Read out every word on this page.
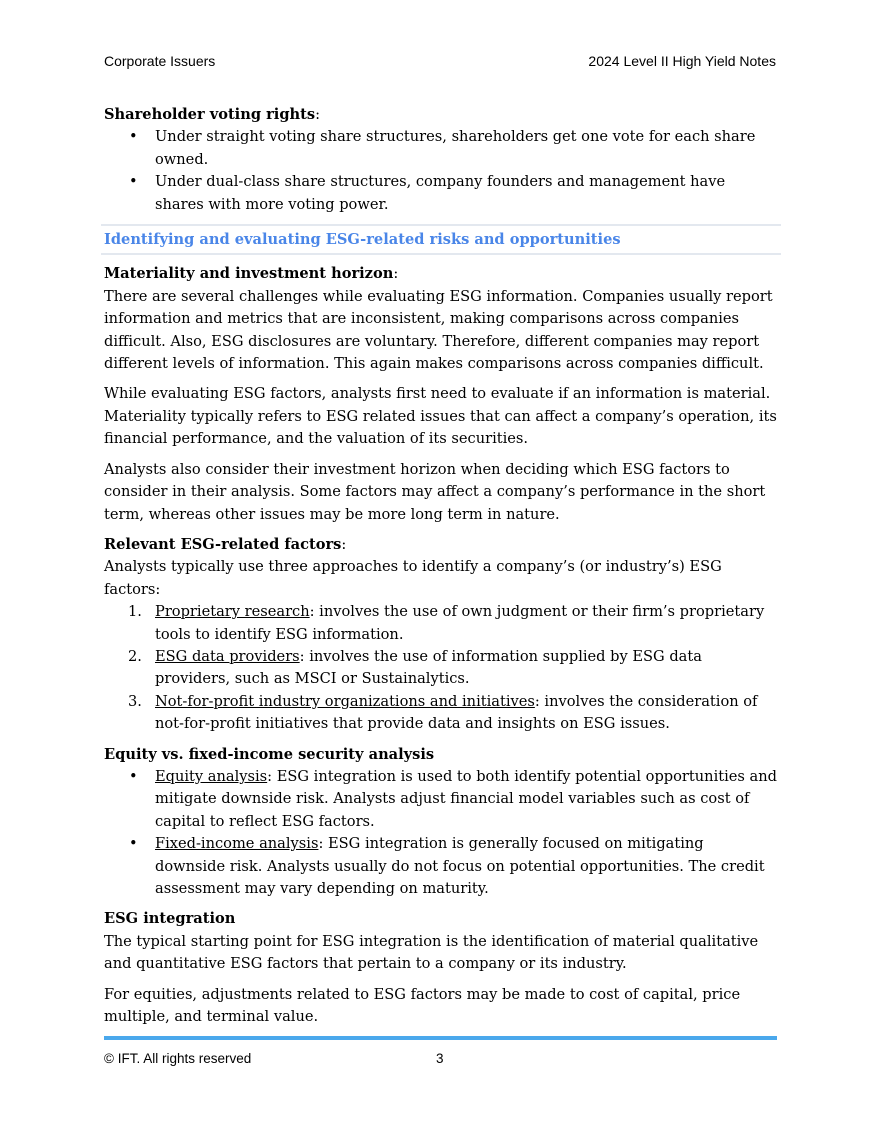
Corporate Issuers	2024 Level II High Yield Notes

Shareholder voting rights:

•	Under straight voting share structures, shareholders get one vote for each share owned.
•	Under dual-class share structures, company founders and management have shares with more voting power.
Identifying and evaluating ESG-related risks and opportunities

Materiality and investment horizon:

There are several challenges while evaluating ESG information. Companies usually report information and metrics that are inconsistent, making comparisons across companies difficult. Also, ESG disclosures are voluntary. Therefore, different companies may report different levels of information. This again makes comparisons across companies difficult.

While evaluating ESG factors, analysts first need to evaluate if an information is material. Materiality typically refers to ESG related issues that can affect a company’s operation, its financial performance, and the valuation of its securities.

Analysts also consider their investment horizon when deciding which ESG factors to consider in their analysis. Some factors may affect a company’s performance in the short term, whereas other issues may be more long term in nature.

Relevant ESG-related factors:

Analysts typically use three approaches to identify a company’s (or industry’s) ESG factors:

1. Proprietary research: involves the use of own judgment or their firm’s proprietary tools to identify ESG information.
2. ESG data providers: involves the use of information supplied by ESG data providers, such as MSCI or Sustainalytics.
3. Not-for-profit industry organizations and initiatives: involves the consideration of not-for-profit initiatives that provide data and insights on ESG issues.

Equity vs. fixed-income security analysis

•	Equity analysis: ESG integration is used to both identify potential opportunities and mitigate downside risk. Analysts adjust financial model variables such as cost of capital to reflect ESG factors.
•	Fixed-income analysis: ESG integration is generally focused on mitigating downside risk. Analysts usually do not focus on potential opportunities. The credit assessment may vary depending on maturity.

ESG integration

The typical starting point for ESG integration is the identification of material qualitative and quantitative ESG factors that pertain to a company or its industry.

For equities, adjustments related to ESG factors may be made to cost of capital, price multiple, and terminal value.

© IFT. All rights reserved	3
